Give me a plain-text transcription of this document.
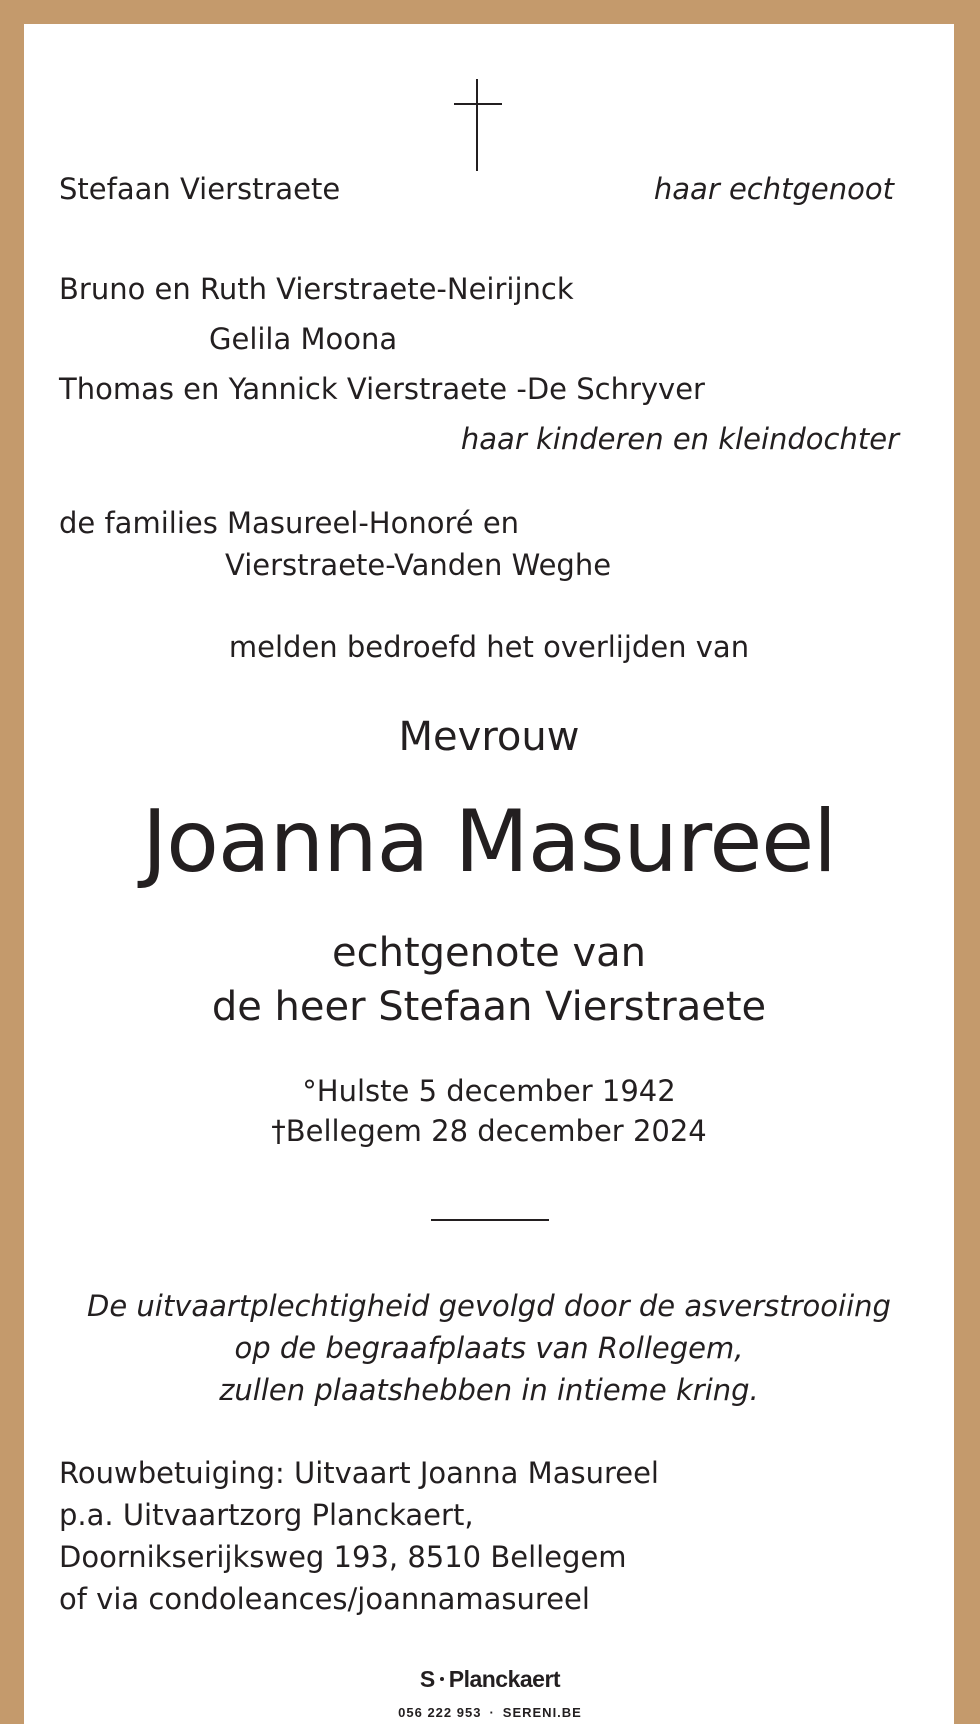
Stefaan Vierstraete	haar echtgenoot

Bruno en Ruth Vierstraete-Neirijnck

Gelila Moona

Thomas en Yannick Vierstraete -De Schryver

haar kinderen en kleindochter

de families Masureel-Honoré en

Vierstraete-Vanden Weghe

melden bedroefd het overlijden van

Mevrouw

Joanna Masureel

echtgenote van

de heer Stefaan Vierstraete

°Hulste 5 december 1942

†Bellegem 28 december 2024

De uitvaartplechtigheid gevolgd door de asverstrooiing

op de begraafplaats van Rollegem,

zullen plaatshebben in intieme kring.

Rouwbetuiging: Uitvaart Joanna Masureel

p.a. Uitvaartzorg Planckaert,

Doornikserijksweg 193, 8510 Bellegem

of via condoleances/joannamasureel

S Planckaert
056 222 953 · SERENI.BE
